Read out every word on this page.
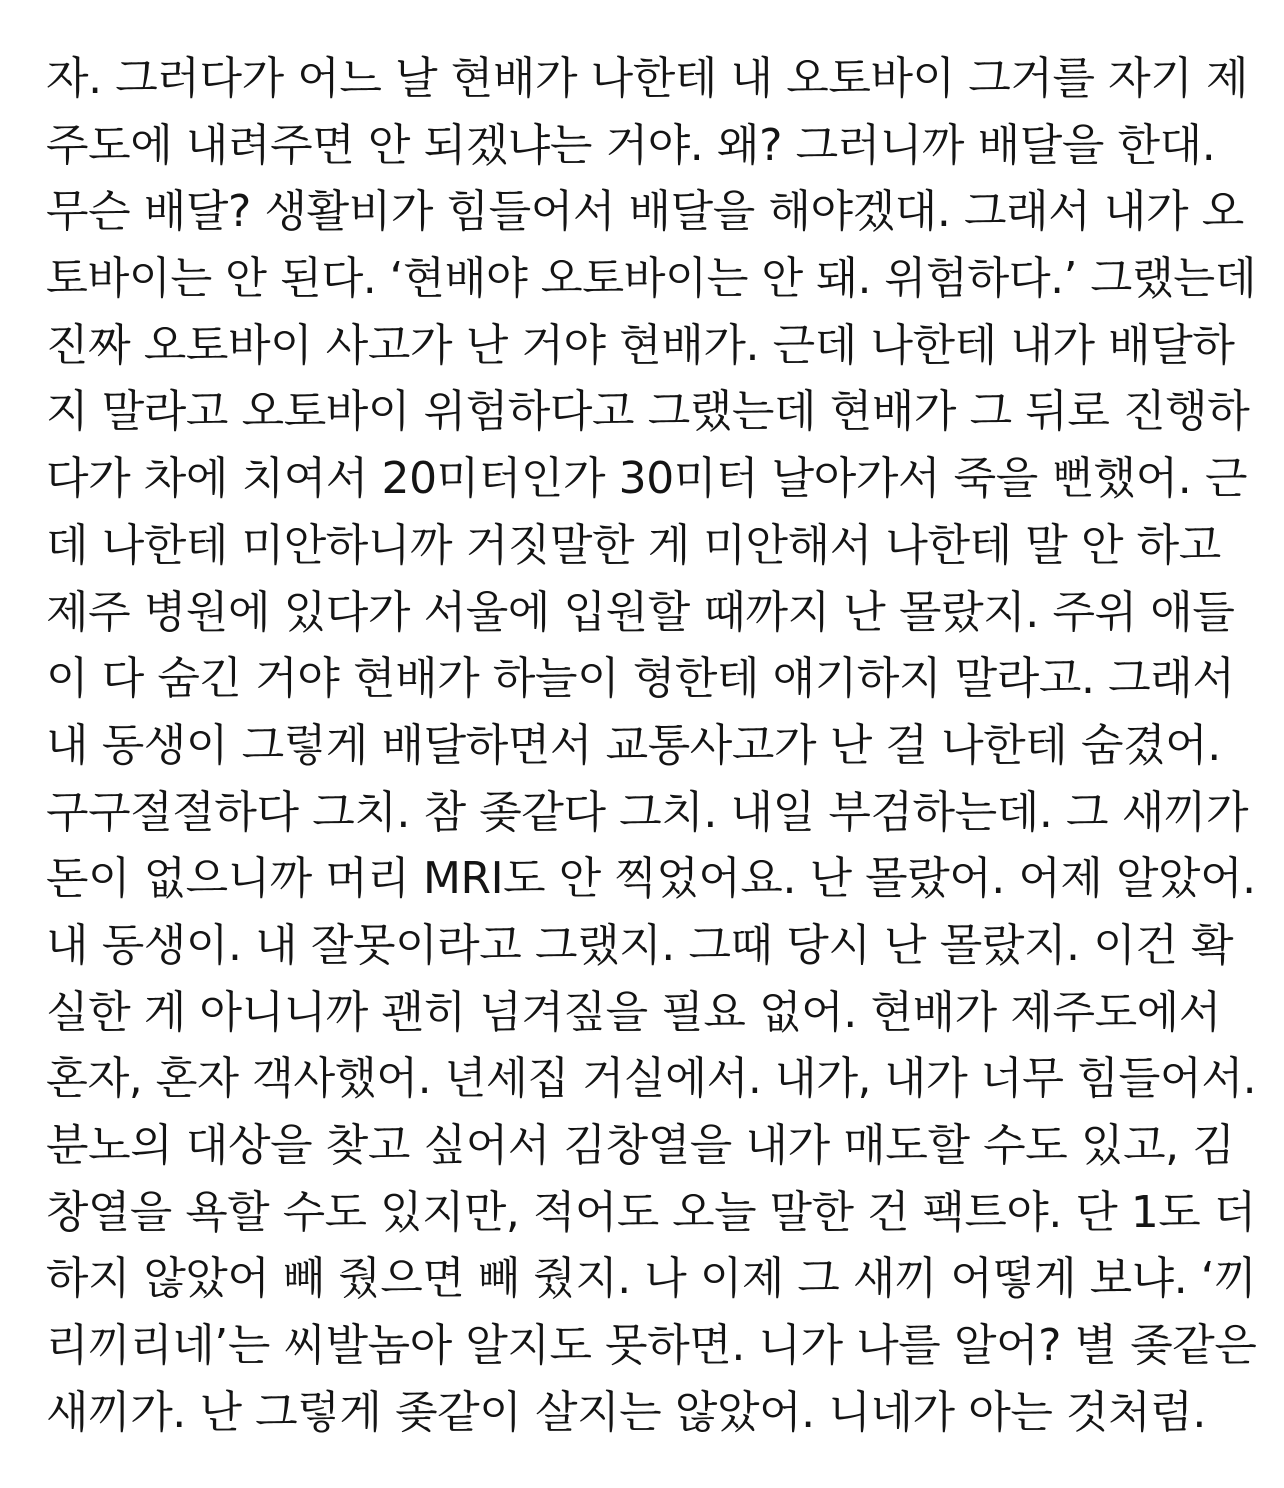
자. 그러다가 어느 날 현배가 나한테 내 오토바이 그거를 자기 제
주도에 내려주면 안 되겠냐는 거야. 왜? 그러니까 배달을 한대.
무슨 배달? 생활비가 힘들어서 배달을 해야겠대. 그래서 내가 오
토바이는 안 된다. ‘현배야 오토바이는 안 돼. 위험하다.’ 그랬는데
진짜 오토바이 사고가 난 거야 현배가. 근데 나한테 내가 배달하
지 말라고 오토바이 위험하다고 그랬는데 현배가 그 뒤로 진행하
다가 차에 치여서 20미터인가 30미터 날아가서 죽을 뻔했어. 근
데 나한테 미안하니까 거짓말한 게 미안해서 나한테 말 안 하고
제주 병원에 있다가 서울에 입원할 때까지 난 몰랐지. 주위 애들
이 다 숨긴 거야 현배가 하늘이 형한테 얘기하지 말라고. 그래서
내 동생이 그렇게 배달하면서 교통사고가 난 걸 나한테 숨겼어.
구구절절하다 그치. 참 좆같다 그치. 내일 부검하는데. 그 새끼가
돈이 없으니까 머리 MRI도 안 찍었어요. 난 몰랐어. 어제 알았어.
내 동생이. 내 잘못이라고 그랬지. 그때 당시 난 몰랐지. 이건 확
실한 게 아니니까 괜히 넘겨짚을 필요 없어. 현배가 제주도에서
혼자, 혼자 객사했어. 년세집 거실에서. 내가, 내가 너무 힘들어서.
분노의 대상을 찾고 싶어서 김창열을 내가 매도할 수도 있고, 김
창열을 욕할 수도 있지만, 적어도 오늘 말한 건 팩트야. 단 1도 더
하지 않았어 빼 줬으면 빼 줬지. 나 이제 그 새끼 어떻게 보냐. ‘끼
리끼리네’는 씨발놈아 알지도 못하면. 니가 나를 알어? 별 좆같은
새끼가. 난 그렇게 좆같이 살지는 않았어. 니네가 아는 것처럼.
